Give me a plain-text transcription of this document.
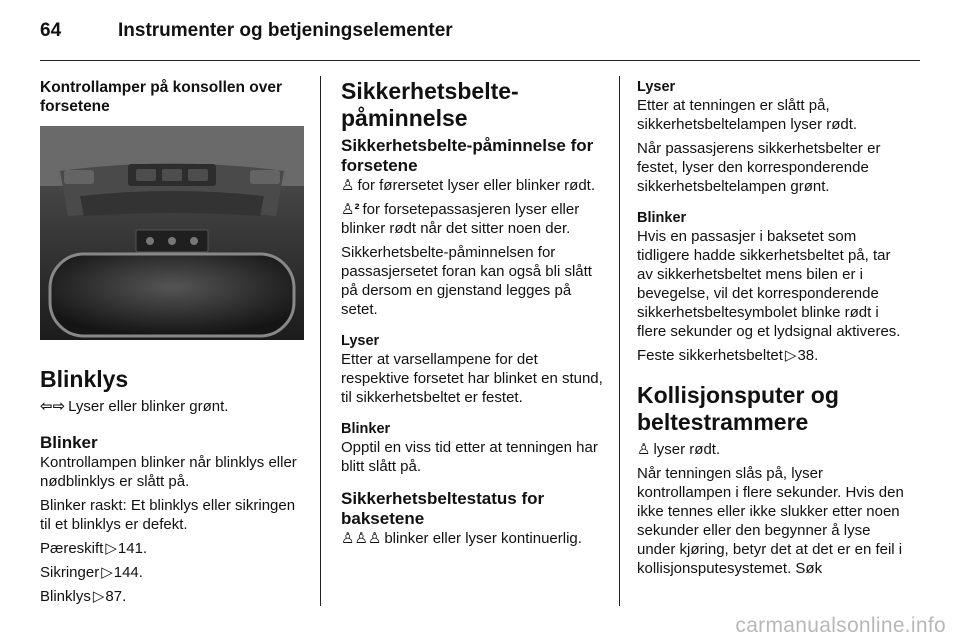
64	Instrumenter og betjeningselementer
Kontrollamper på konsollen over forsetene
Blinklys

⇦⇨ Lyser eller blinker grønt.

Blinker

Kontrollampen blinker når blinklys eller nødblinklys er slått på.

Blinker raskt: Et blinklys eller sikringen til et blinklys er defekt.

Pæreskift ▷141.

Sikringer ▷144.

Blinklys ▷87.

Sikkerhetsbelte-påminnelse
Sikkerhetsbelte-påminnelse for forsetene

♙ for førersetet lyser eller blinker rødt.

♙² for forsetepassasjeren lyser eller blinker rødt når det sitter noen der.

Sikkerhetsbelte-påminnelsen for passasjersetet foran kan også bli slått på dersom en gjenstand legges på setet.

Lyser

Etter at varsellampene for det respektive forsetet har blinket en stund, til sikkerhetsbeltet er festet.

Blinker

Opptil en viss tid etter at tenningen har blitt slått på.

Sikkerhetsbeltestatus for baksetene

♙♙♙ blinker eller lyser kontinuerlig.

Lyser

Etter at tenningen er slått på, sikkerhetsbeltelampen lyser rødt.

Når passasjerens sikkerhetsbelter er festet, lyser den korresponderende sikkerhetsbeltelampen grønt.

Blinker

Hvis en passasjer i baksetet som tidligere hadde sikkerhetsbeltet på, tar av sikkerhetsbeltet mens bilen er i bevegelse, vil det korresponderende sikkerhetsbeltesymbolet blinke rødt i flere sekunder og et lydsignal aktiveres.

Feste sikkerhetsbeltet ▷38.

Kollisjonsputer og beltestrammere

♙ lyser rødt.

Når tenningen slås på, lyser kontrollampen i flere sekunder. Hvis den ikke tennes eller ikke slukker etter noen sekunder eller den begynner å lyse under kjøring, betyr det at det er en feil i kollisjonsputesystemet. Søk

carmanualsonline.info
